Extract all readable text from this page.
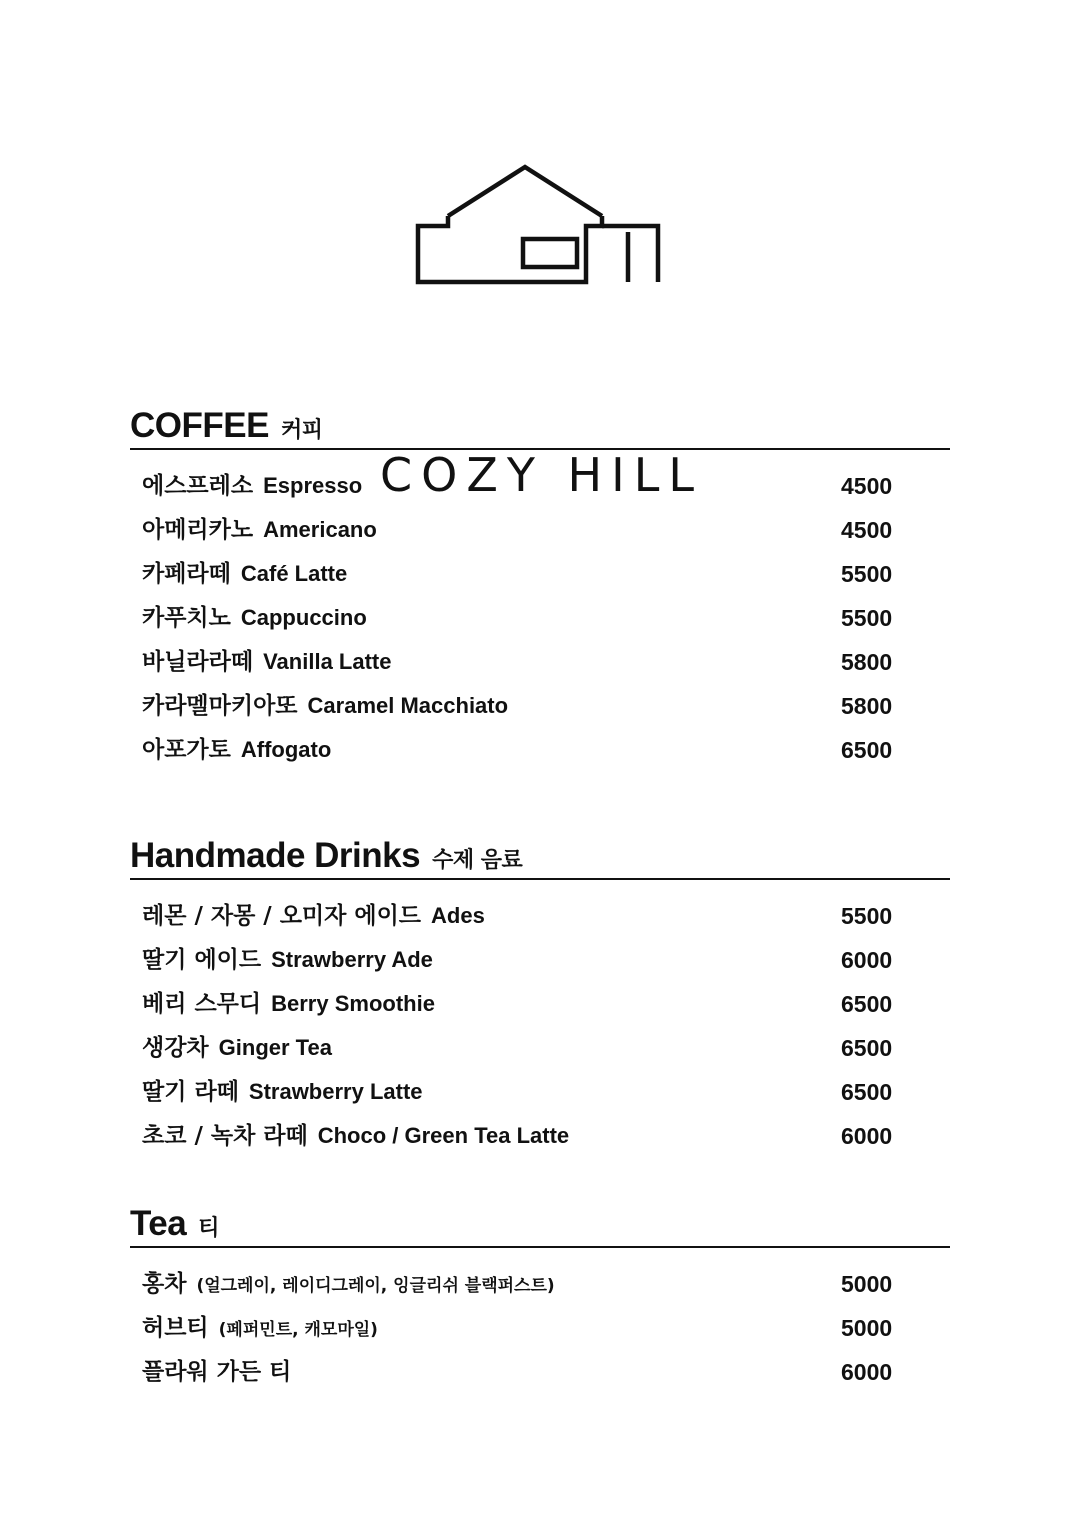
COZY HILL
COFFEE 커피
에스프레소 Espresso	4500
아메리카노 Americano	4500
카페라떼 Café Latte	5500
카푸치노 Cappuccino	5500
바닐라라떼 Vanilla Latte	5800
카라멜마키아또 Caramel Macchiato	5800
아포가토 Affogato	6500
Handmade Drinks 수제 음료
레몬 / 자몽 / 오미자 에이드 Ades	5500
딸기 에이드 Strawberry Ade	6000
베리 스무디 Berry Smoothie	6500
생강차 Ginger Tea	6500
딸기 라떼 Strawberry Latte	6500
초코 / 녹차 라떼 Choco / Green Tea Latte	6000
Tea 티
홍차 (얼그레이, 레이디그레이, 잉글리쉬 블랙퍼스트)	5000
허브티 (페퍼민트, 캐모마일)	5000
플라워 가든 티	6000
